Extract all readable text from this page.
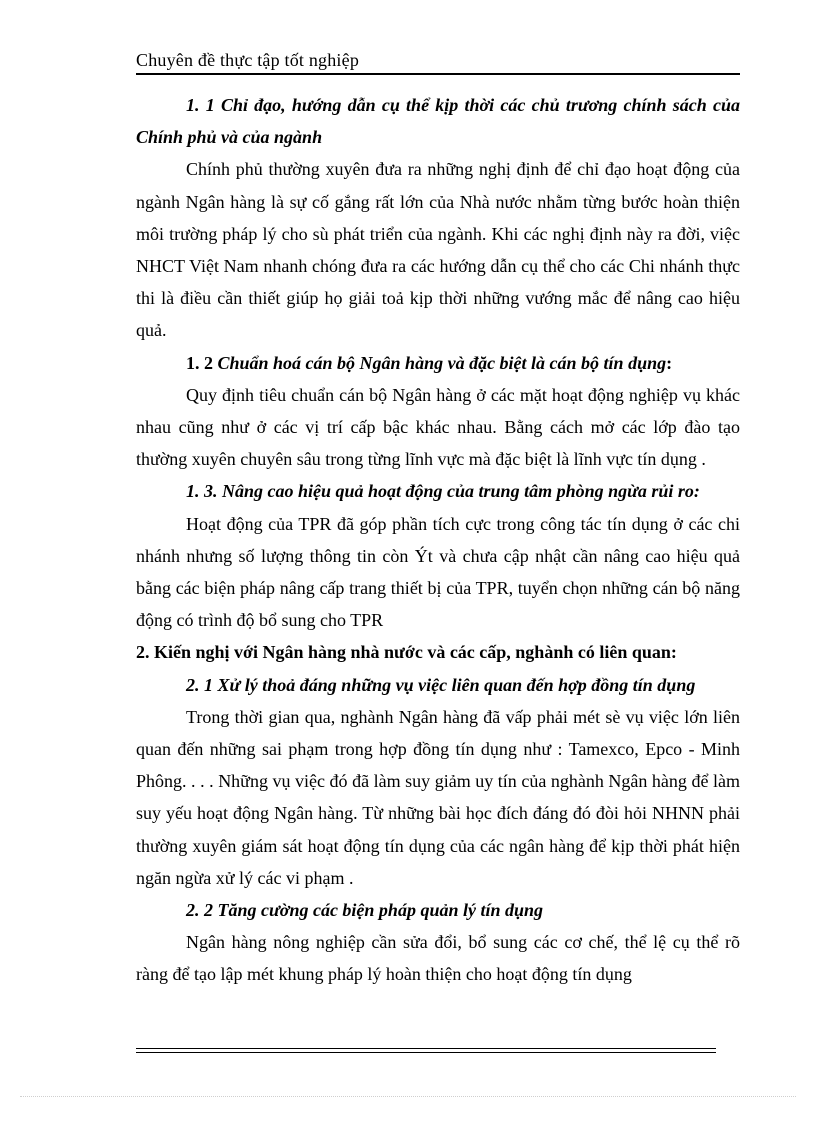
Chuyên đề thực tập tốt nghiệp

1. 1 Chỉ đạo, hướng dẫn cụ thể kịp thời các chủ trương chính sách của Chính phủ và của ngành

Chính phủ thường xuyên đưa ra những nghị định để chỉ đạo hoạt động của ngành Ngân hàng là sự cố gắng rất lớn của Nhà nước nhằm từng bước hoàn thiện môi trường pháp lý cho sù phát triển của ngành. Khi các nghị định này ra đời, việc NHCT Việt Nam nhanh chóng đưa ra các hướng dẫn cụ thể cho các Chi nhánh thực thi là điều cần thiết giúp họ giải toả kịp thời những vướng mắc để nâng cao hiệu quả.

1. 2 Chuẩn hoá cán bộ Ngân hàng và đặc biệt là cán bộ tín dụng:

Quy định tiêu chuẩn cán bộ Ngân hàng ở các mặt hoạt động nghiệp vụ khác nhau cũng như ở các vị trí cấp bậc khác nhau. Bằng cách mở các lớp đào tạo thường xuyên chuyên sâu trong từng lĩnh vực mà đặc biệt là lĩnh vực tín dụng .

1. 3. Nâng cao hiệu quả hoạt động của trung tâm phòng ngừa rủi ro:

Hoạt động của TPR đã góp phần tích cực trong công tác tín dụng ở các chi nhánh nhưng số lượng thông tin còn Ýt và chưa cập nhật cần nâng cao hiệu quả bằng các biện pháp nâng cấp trang thiết bị của TPR, tuyển chọn những cán bộ năng động có trình độ bổ sung cho TPR

2. Kiến nghị với Ngân hàng nhà nước và các cấp, nghành có liên quan:

2. 1 Xử lý thoả đáng những vụ việc liên quan đến hợp đồng tín dụng

Trong thời gian qua, nghành Ngân hàng đã vấp phải mét sè vụ việc lớn liên quan đến những sai phạm trong hợp đồng tín dụng như : Tamexco, Epco - Minh Phông. . . . Những vụ việc đó đã làm suy giảm uy tín của nghành Ngân hàng để làm suy yếu hoạt động Ngân hàng. Từ những bài học đích đáng đó đòi hỏi NHNN phải thường xuyên giám sát hoạt động tín dụng của các ngân hàng để kịp thời phát hiện ngăn ngừa xử lý các vi phạm .

2. 2 Tăng cường các biện pháp quản lý tín dụng

Ngân hàng nông nghiệp cần sửa đổi, bổ sung các cơ chế, thể lệ cụ thể rõ ràng để tạo lập mét khung pháp lý hoàn thiện cho hoạt động tín dụng
